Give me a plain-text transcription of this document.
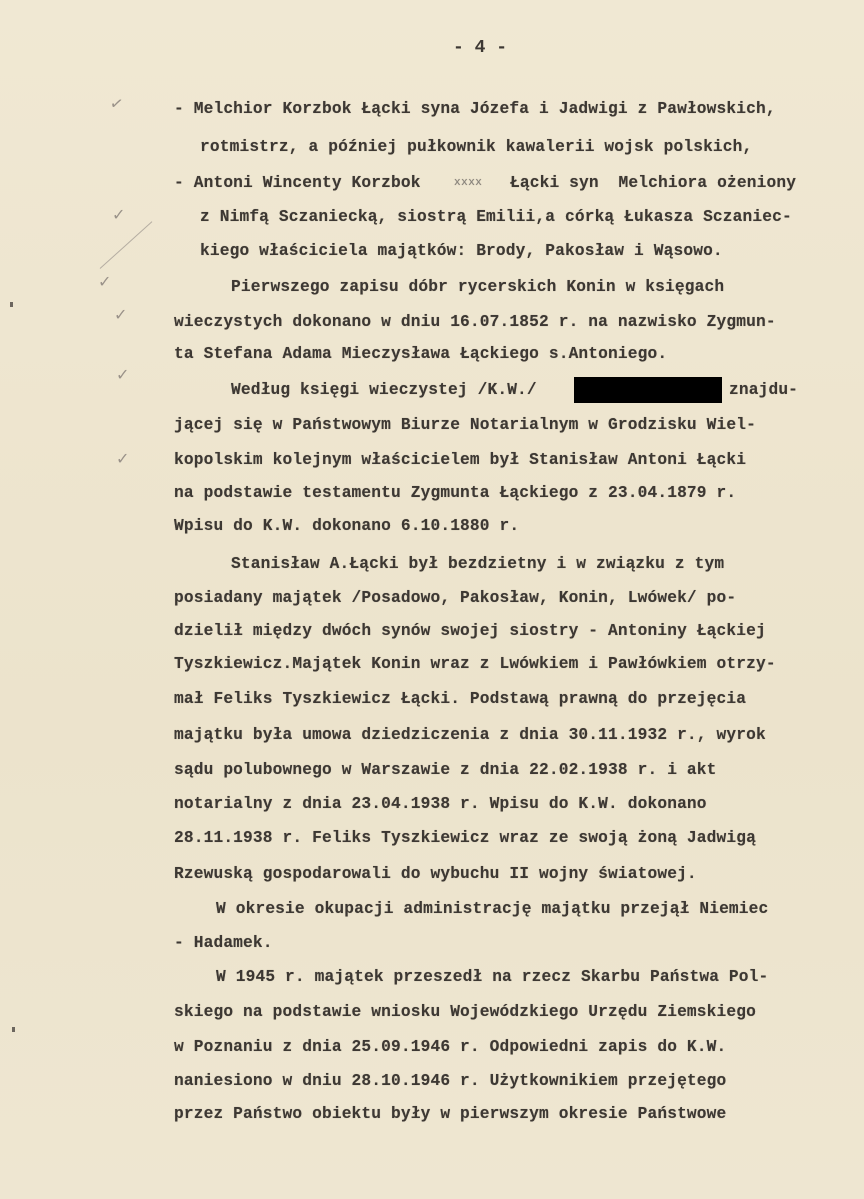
- 4 -
✓
✓
✓
✓
✓
✓
- Melchior Korzbok Łącki syna Józefa i Jadwigi z Pawłowskich,
rotmistrz, a później pułkownik kawalerii wojsk polskich,
- Antoni Wincenty Korzbok	xxxx Łącki syn  Melchiora ożeniony
z Nimfą Sczaniecką, siostrą Emilii,a córką Łukasza Sczaniec-
kiego właściciela majątków: Brody, Pakosław i Wąsowo.
Pierwszego zapisu dóbr rycerskich Konin w księgach
wieczystych dokonano w dniu 16.07.1852 r. na nazwisko Zygmun-
ta Stefana Adama Mieczysława Łąckiego s.Antoniego.
Według księgi wieczystej /K.W./	znajdu-
jącej się w Państwowym Biurze Notarialnym w Grodzisku Wiel-
kopolskim kolejnym właścicielem był Stanisław Antoni Łącki
na podstawie testamentu Zygmunta Łąckiego z 23.04.1879 r.
Wpisu do K.W. dokonano 6.10.1880 r.
Stanisław A.Łącki był bezdzietny i w związku z tym
posiadany majątek /Posadowo, Pakosław, Konin, Lwówek/ po-
dzielił między dwóch synów swojej siostry - Antoniny Łąckiej
Tyszkiewicz.Majątek Konin wraz z Lwówkiem i Pawłówkiem otrzy-
mał Feliks Tyszkiewicz Łącki. Podstawą prawną do przejęcia
majątku była umowa dziedziczenia z dnia 30.11.1932 r., wyrok
sądu polubownego w Warszawie z dnia 22.02.1938 r. i akt
notarialny z dnia 23.04.1938 r. Wpisu do K.W. dokonano
28.11.1938 r. Feliks Tyszkiewicz wraz ze swoją żoną Jadwigą
Rzewuską gospodarowali do wybuchu II wojny światowej.
W okresie okupacji administrację majątku przejął Niemiec
- Hadamek.
W 1945 r. majątek przeszedł na rzecz Skarbu Państwa Pol-
skiego na podstawie wniosku Wojewódzkiego Urzędu Ziemskiego
w Poznaniu z dnia 25.09.1946 r. Odpowiedni zapis do K.W.
naniesiono w dniu 28.10.1946 r. Użytkownikiem przejętego
przez Państwo obiektu były w pierwszym okresie Państwowe
